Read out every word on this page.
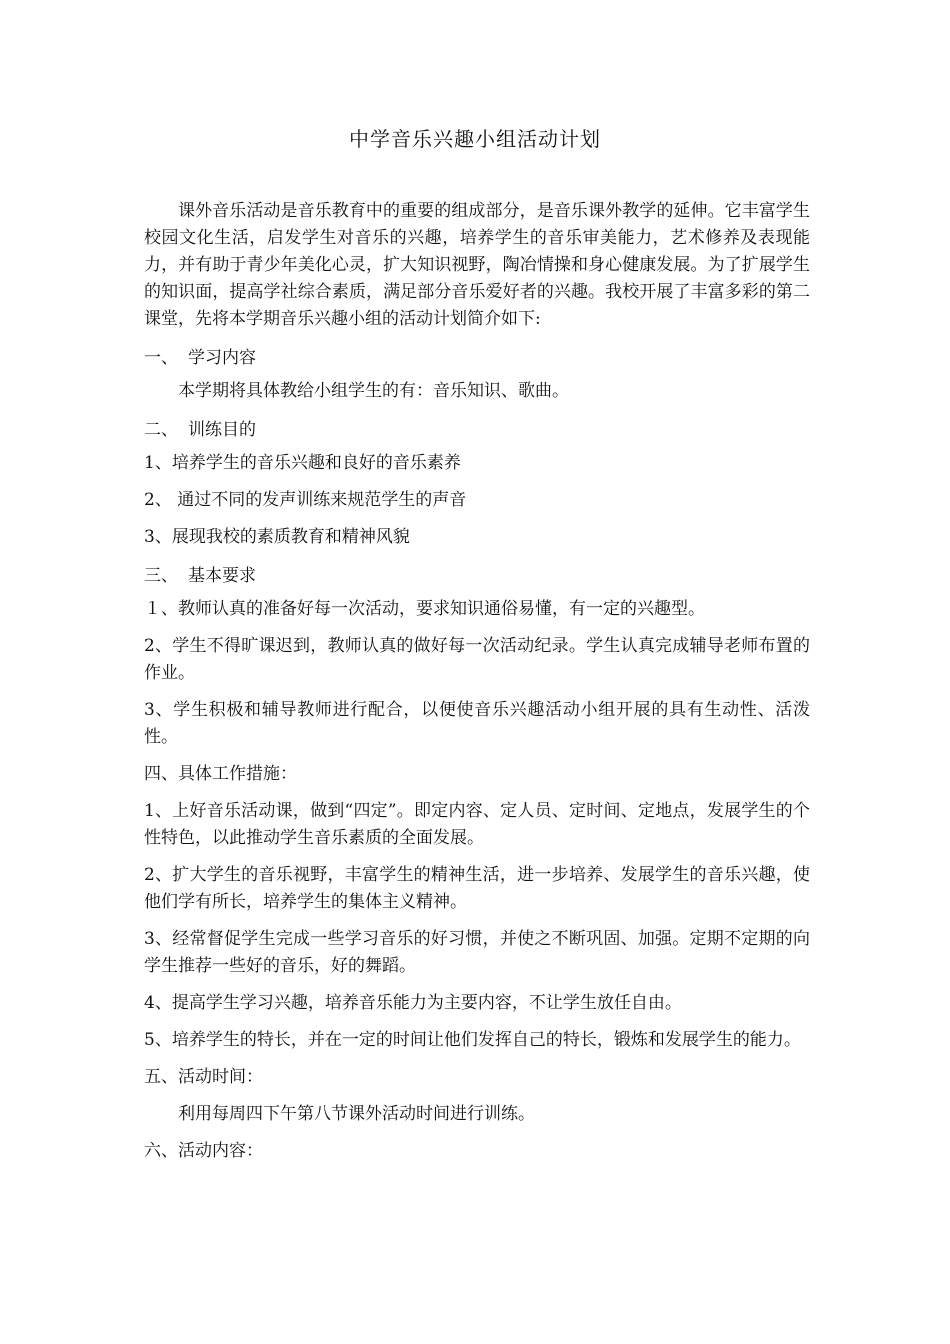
中学音乐兴趣小组活动计划

课外音乐活动是音乐教育中的重要的组成部分，是音乐课外教学的延伸。它丰富学生校园文化生活，启发学生对音乐的兴趣，培养学生的音乐审美能力，艺术修养及表现能力，并有助于青少年美化心灵，扩大知识视野，陶冶情操和身心健康发展。为了扩展学生的知识面，提高学社综合素质，满足部分音乐爱好者的兴趣。我校开展了丰富多彩的第二课堂，先将本学期音乐兴趣小组的活动计划简介如下:

一、 学习内容

本学期将具体教给小组学生的有：音乐知识、歌曲。

二、 训练目的

1、培养学生的音乐兴趣和良好的音乐素养

2、 通过不同的发声训练来规范学生的声音

3、展现我校的素质教育和精神风貌

三、 基本要求

１、教师认真的准备好每一次活动，要求知识通俗易懂，有一定的兴趣型。

2、学生不得旷课迟到，教师认真的做好每一次活动纪录。学生认真完成辅导老师布置的作业。

3、学生积极和辅导教师进行配合，以便使音乐兴趣活动小组开展的具有生动性、活泼性。

四、具体工作措施：

1、上好音乐活动课，做到“四定”。即定内容、定人员、定时间、定地点，发展学生的个性特色，以此推动学生音乐素质的全面发展。

2、扩大学生的音乐视野，丰富学生的精神生活，进一步培养、发展学生的音乐兴趣，使他们学有所长，培养学生的集体主义精神。

3、经常督促学生完成一些学习音乐的好习惯，并使之不断巩固、加强。定期不定期的向学生推荐一些好的音乐，好的舞蹈。

4、提高学生学习兴趣，培养音乐能力为主要内容，不让学生放任自由。

5、培养学生的特长，并在一定的时间让他们发挥自己的特长，锻炼和发展学生的能力。

五、活动时间：

利用每周四下午第八节课外活动时间进行训练。

六、活动内容：
